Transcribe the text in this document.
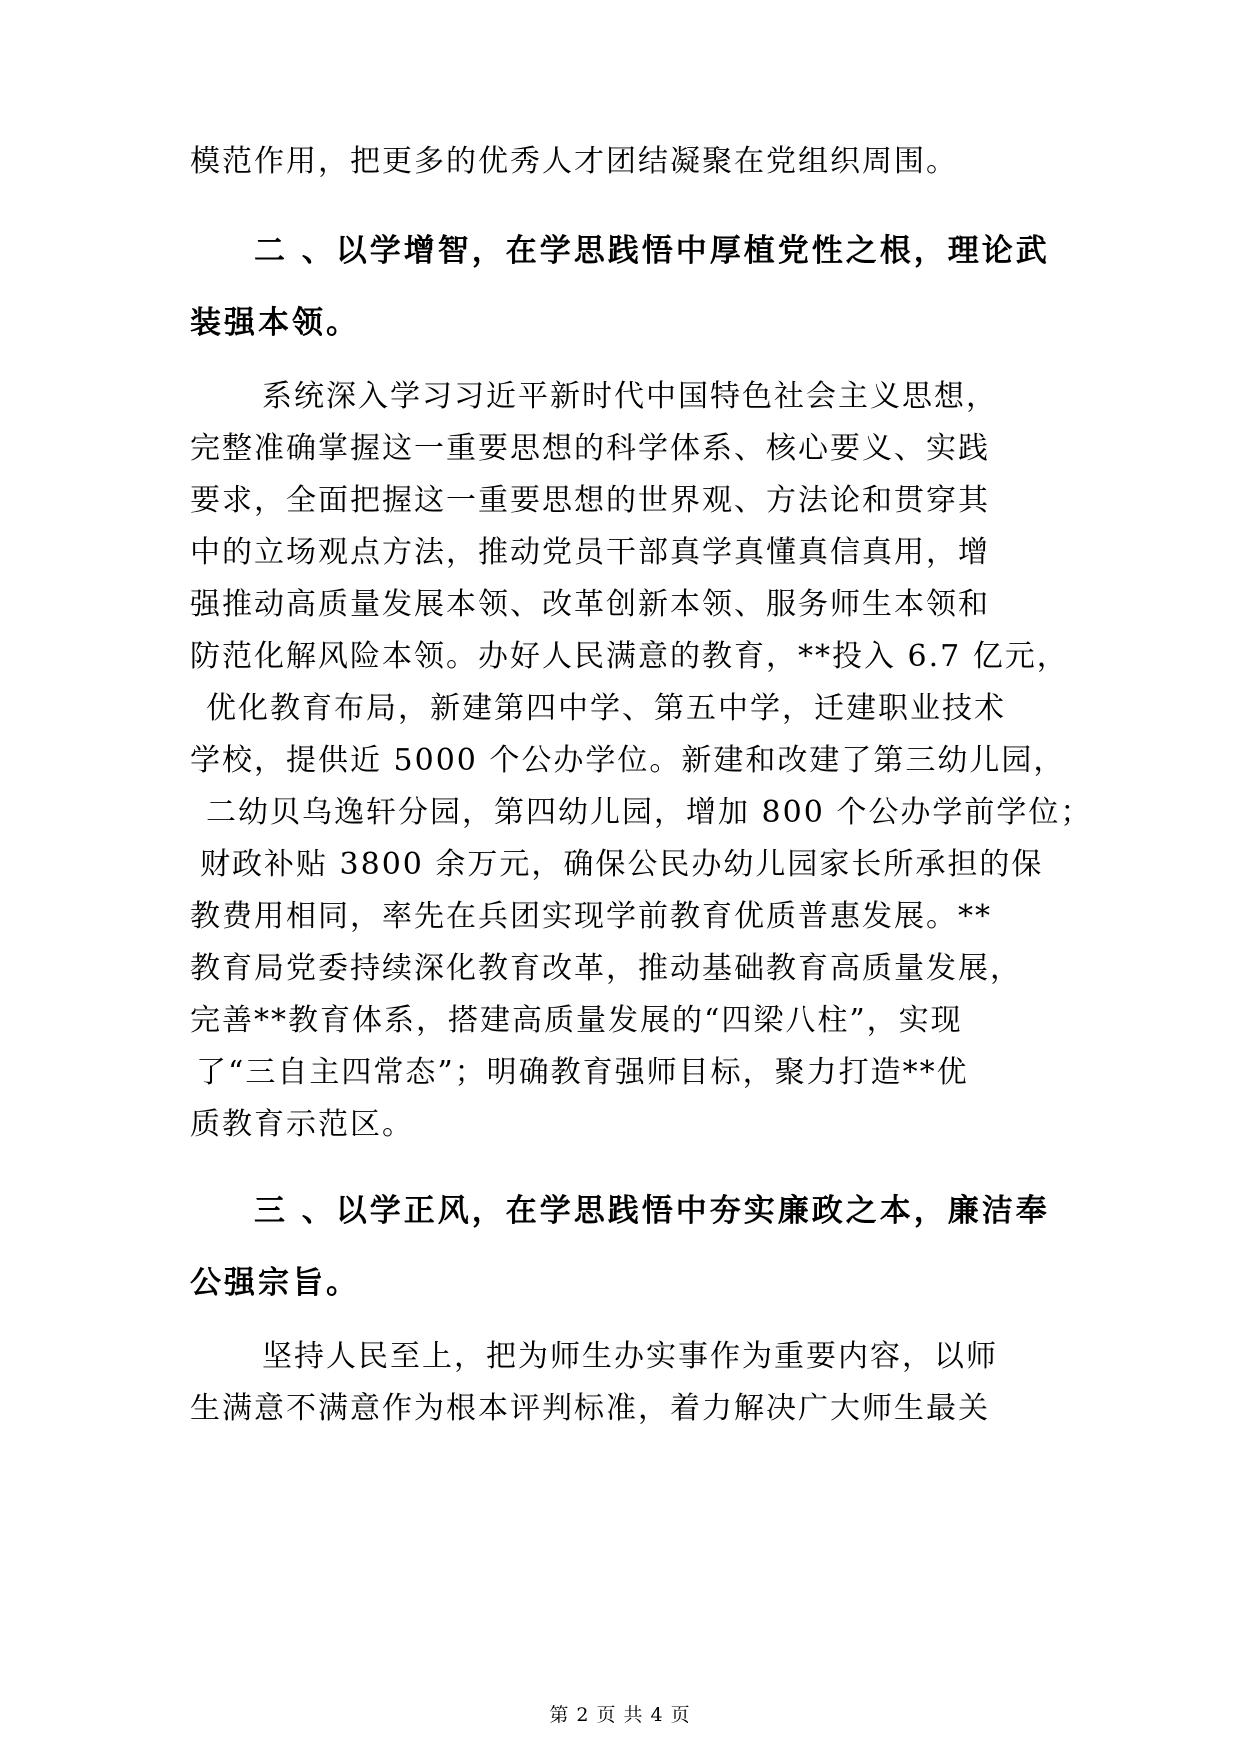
模范作用，把更多的优秀人才团结凝聚在党组织周围。
二 、以学增智，在学思践悟中厚植党性之根，理论武
装强本领。
系统深入学习习近平新时代中国特色社会主义思想，
完整准确掌握这一重要思想的科学体系、核心要义、实践
要求，全面把握这一重要思想的世界观、方法论和贯穿其
中的立场观点方法，推动党员干部真学真懂真信真用，增
强推动高质量发展本领、改革创新本领、服务师生本领和
防范化解风险本领。办好人民满意的教育，**投入 6.7 亿元，
优化教育布局，新建第四中学、第五中学，迁建职业技术
学校，提供近 5000 个公办学位。新建和改建了第三幼儿园，
二幼贝乌逸轩分园，第四幼儿园，增加 800 个公办学前学位；
财政补贴 3800 余万元，确保公民办幼儿园家长所承担的保
教费用相同，率先在兵团实现学前教育优质普惠发展。**
教育局党委持续深化教育改革，推动基础教育高质量发展，
完善**教育体系，搭建高质量发展的“四梁八柱”，实现
了“三自主四常态”；明确教育强师目标，聚力打造**优
质教育示范区。
三 、以学正风，在学思践悟中夯实廉政之本，廉洁奉
公强宗旨。
坚持人民至上，把为师生办实事作为重要内容，以师
生满意不满意作为根本评判标准，着力解决广大师生最关
第 2 页 共 4 页
